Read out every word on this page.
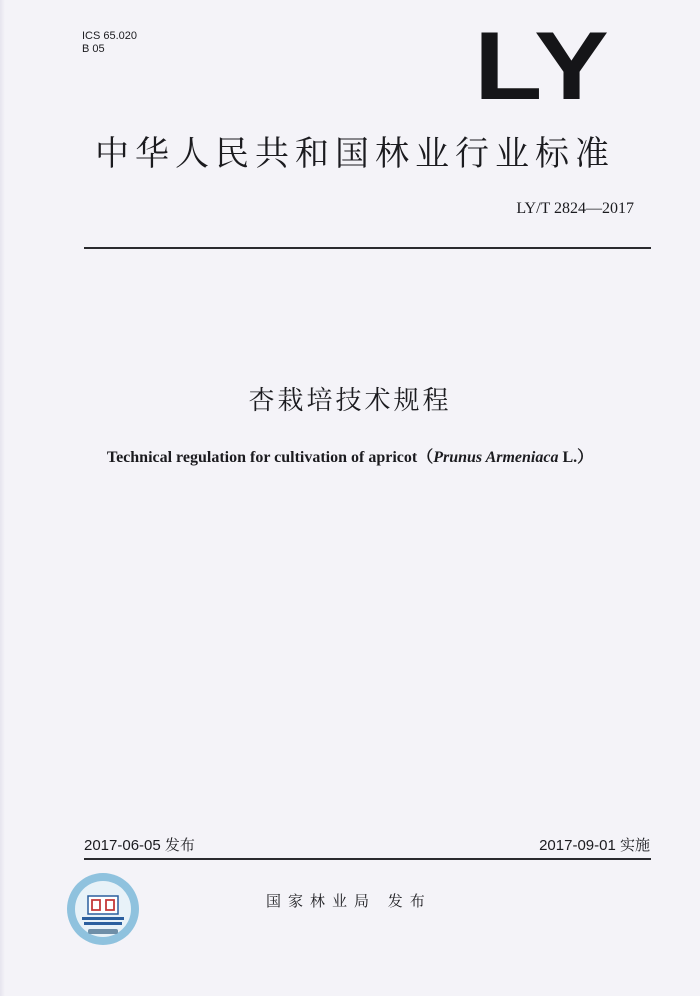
ICS 65.020
B 05	LY
中华人民共和国林业行业标准
LY/T 2824—2017
杏栽培技术规程
Technical regulation for cultivation of apricot（Prunus Armeniaca L.）
2017-06-05 发布	2017-09-01 实施
国家林业局 发布
